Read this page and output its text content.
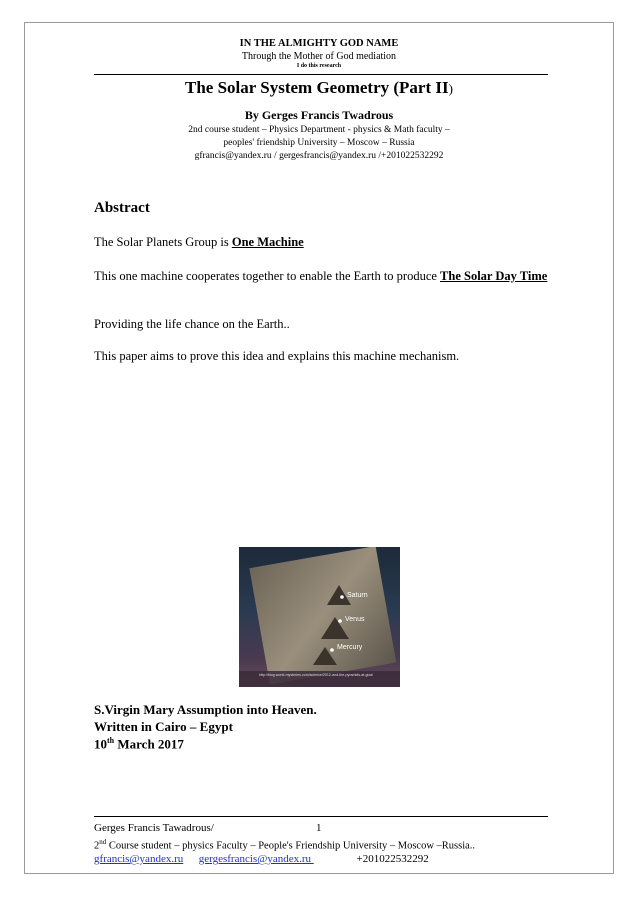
IN THE ALMIGHTY GOD NAME
Through the Mother of God mediation
I do this research
The Solar System Geometry (Part II)
By Gerges Francis Twadrous
2nd course student – Physics Department - physics & Math faculty –
peoples' friendship University – Moscow – Russia
gfrancis@yandex.ru / gergesfrancis@yandex.ru /+201022532292
Abstract
The Solar Planets Group is One Machine
This one machine cooperates together to enable the Earth to produce The Solar Day Time
Providing the life chance on the Earth..
This paper aims to prove this idea and explains this machine mechanism.
Saturn
Venus
Mercury
http://blog.world-mysteries.com/science/2012-and-the-pyramids-at-giza/
S.Virgin Mary Assumption into Heaven.
Written in Cairo – Egypt
10th March 2017
Gerges Francis Tawadrous/	1
2nd Course student – physics Faculty – People's Friendship University – Moscow –Russia..
gfrancis@yandex.ru gergesfrancis@yandex.ru	+201022532292
